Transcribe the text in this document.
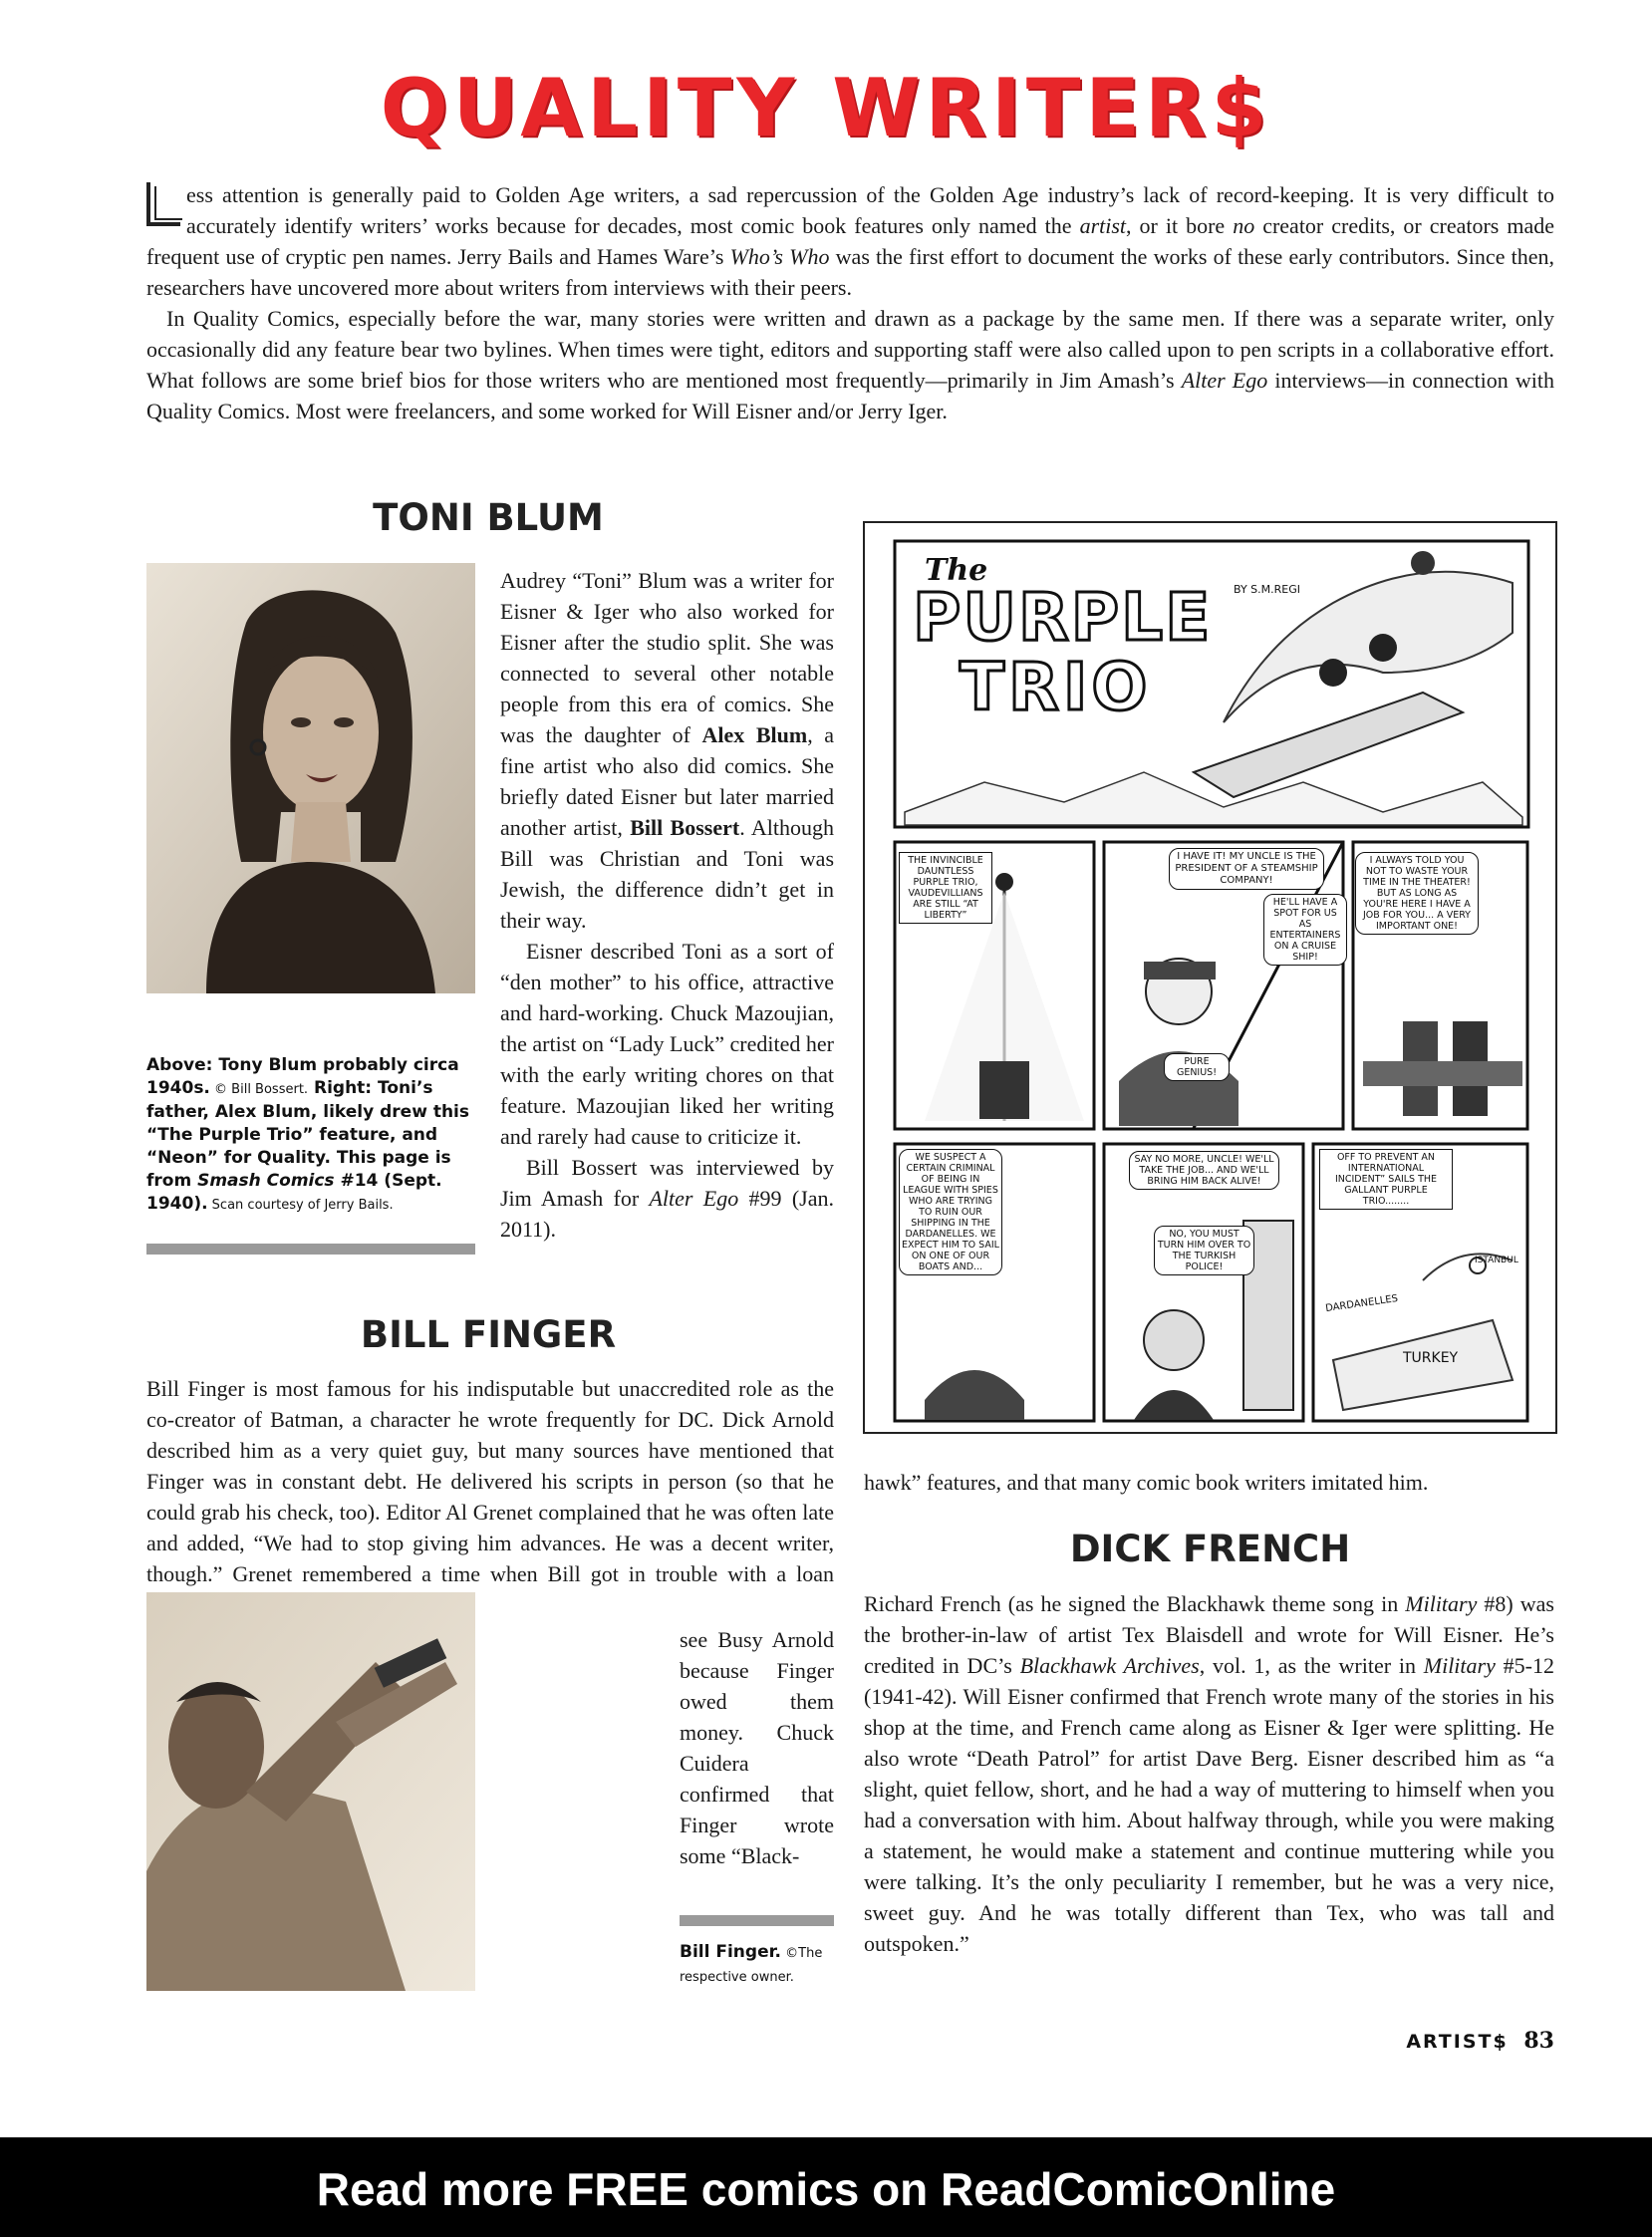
QUALITY WRITER$

ess attention is generally paid to Golden Age writers, a sad repercussion of the Golden Age industry’s lack of record-keeping. It is very difficult to accurately identify writers’ works because for decades, most comic book features only named the artist, or it bore no creator credits, or creators made frequent use of cryptic pen names. Jerry Bails and Hames Ware’s Who’s Who was the first effort to document the works of these early contributors. Since then, researchers have uncovered more about writers from interviews with their peers.

In Quality Comics, especially before the war, many stories were written and drawn as a package by the same men. If there was a separate writer, only occasionally did any feature bear two bylines. When times were tight, editors and supporting staff were also called upon to pen scripts in a collaborative effort. What follows are some brief bios for those writers who are mentioned most frequently—primarily in Jim Amash’s Alter Ego interviews—in connection with Quality Comics. Most were freelancers, and some worked for Will Eisner and/or Jerry Iger.

TONI BLUM
Above: Tony Blum probably circa 1940s. © Bill Bossert. Right: Toni’s father, Alex Blum, likely drew this “The Purple Trio” feature, and “Neon” for Quality. This page is from Smash Comics #14 (Sept. 1940). Scan courtesy of Jerry Bails.

Audrey “Toni” Blum was a writer for Eisner & Iger who also worked for Eisner after the studio split. She was connected to several other notable people from this era of comics. She was the daughter of Alex Blum, a fine artist who also did comics. She briefly dated Eisner but later married another artist, Bill Bossert. Although Bill was Christian and Toni was Jewish, the difference didn’t get in their way.

Eisner described Toni as a sort of “den mother” to his office, attractive and hard-working. Chuck Mazoujian, the artist on “Lady Luck” credited her with the early writing chores on that feature. Mazoujian liked her writing and rarely had cause to criticize it.

Bill Bossert was interviewed by Jim Amash for Alter Ego #99 (Jan. 2011).

The
PURPLE
TRIO
BY S.M.REGI
THE INVINCIBLE DAUNTLESS PURPLE TRIO, VAUDEVILLIANS ARE STILL “AT LIBERTY”
I HAVE IT! MY UNCLE IS THE PRESIDENT OF A STEAMSHIP COMPANY!
HE'LL HAVE A SPOT FOR US AS ENTERTAINERS ON A CRUISE SHIP!
PURE GENIUS!
I ALWAYS TOLD YOU NOT TO WASTE YOUR TIME IN THE THEATER! BUT AS LONG AS YOU'RE HERE I HAVE A JOB FOR YOU... A VERY IMPORTANT ONE!
WE SUSPECT A CERTAIN CRIMINAL OF BEING IN LEAGUE WITH SPIES WHO ARE TRYING TO RUIN OUR SHIPPING IN THE DARDANELLES. WE EXPECT HIM TO SAIL ON ONE OF OUR BOATS AND...
SAY NO MORE, UNCLE! WE'LL TAKE THE JOB... AND WE'LL BRING HIM BACK ALIVE!
NO, YOU MUST TURN HIM OVER TO THE TURKISH POLICE!
OFF TO PREVENT AN INTERNATIONAL INCIDENT” SAILS THE GALLANT PURPLE TRIO........
ISTANBUL
DARDANELLES
TURKEY
BILL FINGER

Bill Finger is most famous for his indisputable but unaccredited role as the co-creator of Batman, a character he wrote frequently for DC. Dick Arnold described him as a very quiet guy, but many sources have mentioned that Finger was in constant debt. He delivered his scripts in person (so that he could grab his check, too). Editor Al Grenet complained that he was often late and added, “We had to stop giving him advances. He was a decent writer, though.” Grenet remembered a time when Bill got in trouble with a loan

see Busy Arnold because Finger owed them money. Chuck Cuidera confirmed that Finger wrote some “Black-

Bill Finger. ©The respective owner.

hawk” features, and that many comic book writers imitated him.

DICK FRENCH

Richard French (as he signed the Blackhawk theme song in Military #8) was the brother-in-law of artist Tex Blaisdell and wrote for Will Eisner. He’s credited in DC’s Blackhawk Archives, vol. 1, as the writer in Military #5-12 (1941-42). Will Eisner confirmed that French wrote many of the stories in his shop at the time, and French came along as Eisner & Iger were splitting. He also wrote “Death Patrol” for artist Dave Berg. Eisner described him as “a slight, quiet fellow, short, and he had a way of muttering to himself when you had a conversation with him. About halfway through, while you were making a statement, he would make a statement and continue muttering while you were talking. It’s the only peculiarity I remember, but he was a very nice, sweet guy. And he was totally different than Tex, who was tall and outspoken.”

ARTIST$ 83
Read more FREE comics on ReadComicOnline
